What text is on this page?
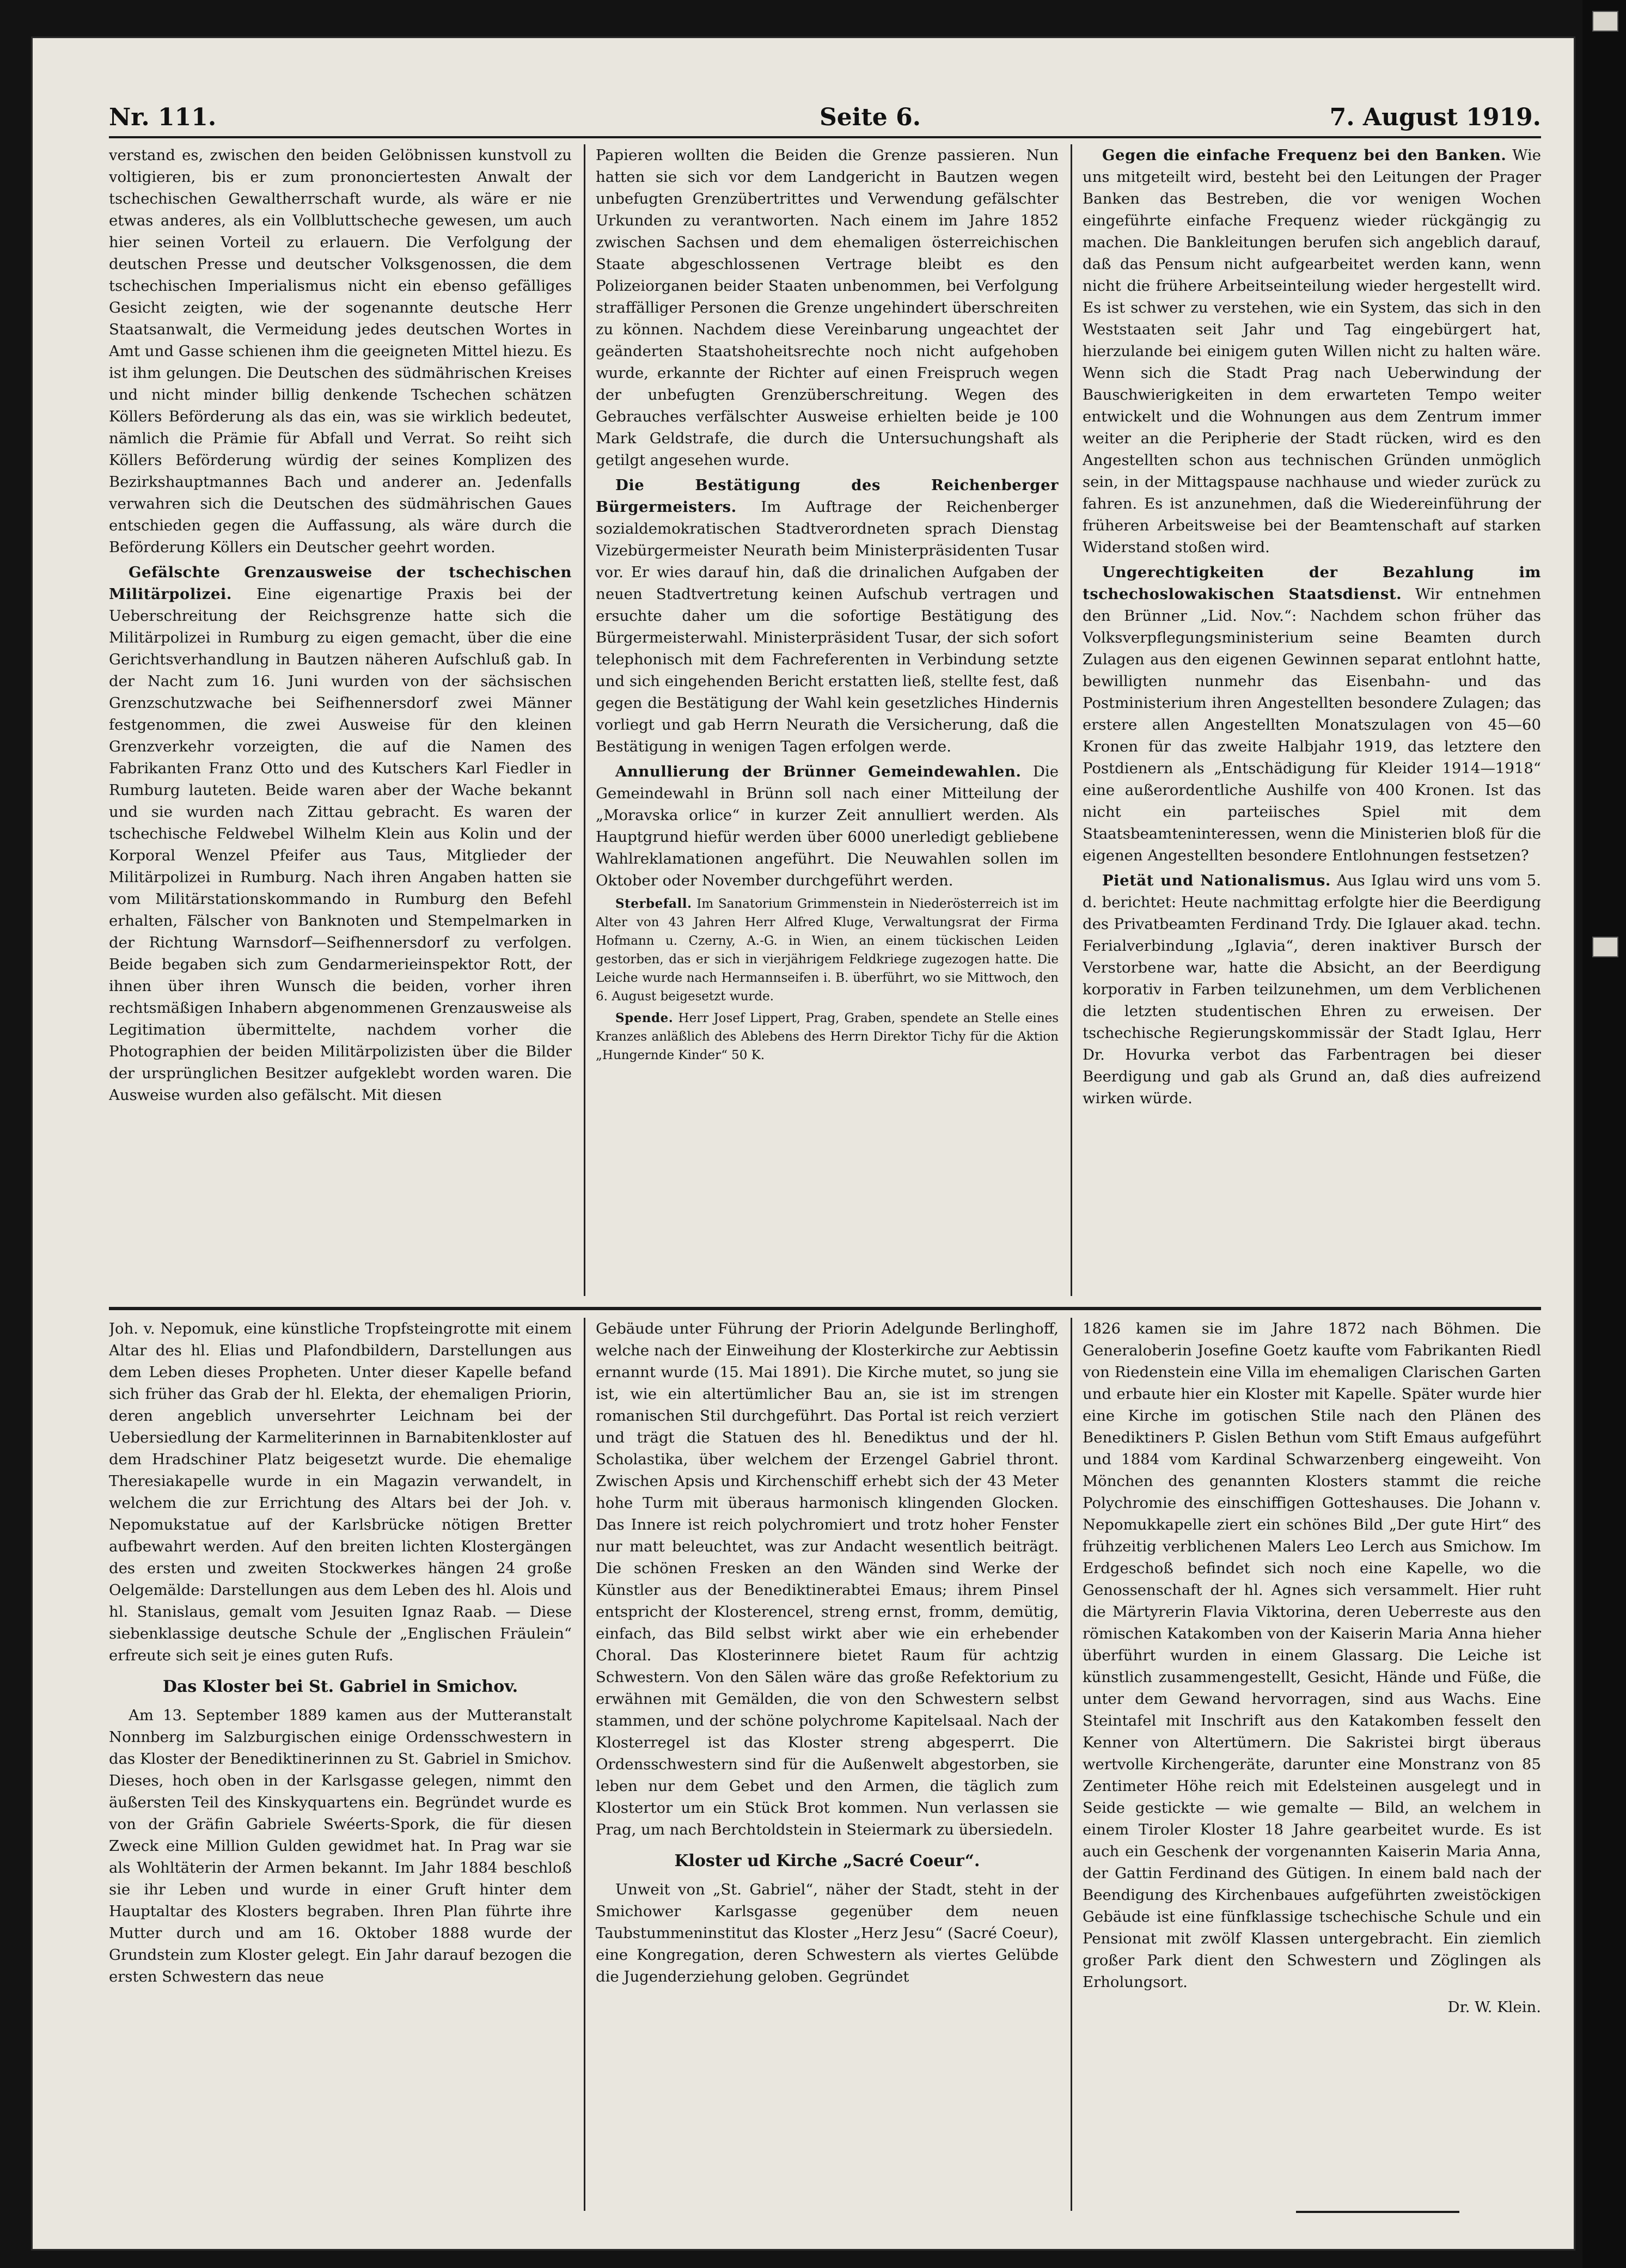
Nr. 111.	Seite 6.	7. August 1919.

verstand es, zwischen den beiden Gelöbnissen kunstvoll zu voltigieren, bis er zum prononciertesten Anwalt der tschechischen Gewaltherrschaft wurde, als wäre er nie etwas anderes, als ein Vollbluttscheche gewesen, um auch hier seinen Vorteil zu erlauern. Die Verfolgung der deutschen Presse und deutscher Volksgenossen, die dem tschechischen Imperialismus nicht ein ebenso gefälliges Gesicht zeigten, wie der sogenannte deutsche Herr Staatsanwalt, die Vermeidung jedes deutschen Wortes in Amt und Gasse schienen ihm die geeigneten Mittel hiezu. Es ist ihm gelungen. Die Deutschen des südmährischen Kreises und nicht minder billig denkende Tschechen schätzen Köllers Beförderung als das ein, was sie wirklich bedeutet, nämlich die Prämie für Abfall und Verrat. So reiht sich Köllers Beförderung würdig der seines Komplizen des Bezirkshauptmannes Bach und anderer an. Jedenfalls verwahren sich die Deutschen des südmährischen Gaues entschieden gegen die Auffassung, als wäre durch die Beförderung Köllers ein Deutscher geehrt worden.

Gefälschte Grenzausweise der tschechischen Militärpolizei. Eine eigenartige Praxis bei der Ueberschreitung der Reichsgrenze hatte sich die Militärpolizei in Rumburg zu eigen gemacht, über die eine Gerichtsverhandlung in Bautzen näheren Aufschluß gab. In der Nacht zum 16. Juni wurden von der sächsischen Grenzschutzwache bei Seifhennersdorf zwei Männer festgenommen, die zwei Ausweise für den kleinen Grenzverkehr vorzeigten, die auf die Namen des Fabrikanten Franz Otto und des Kutschers Karl Fiedler in Rumburg lauteten. Beide waren aber der Wache bekannt und sie wurden nach Zittau gebracht. Es waren der tschechische Feldwebel Wilhelm Klein aus Kolin und der Korporal Wenzel Pfeifer aus Taus, Mitglieder der Militärpolizei in Rumburg. Nach ihren Angaben hatten sie vom Militärstationskommando in Rumburg den Befehl erhalten, Fälscher von Banknoten und Stempelmarken in der Richtung Warnsdorf—Seifhennersdorf zu verfolgen. Beide begaben sich zum Gendarmerieinspektor Rott, der ihnen über ihren Wunsch die beiden, vorher ihren rechtsmäßigen Inhabern abgenommenen Grenzausweise als Legitimation übermittelte, nachdem vorher die Photographien der beiden Militärpolizisten über die Bilder der ursprünglichen Besitzer aufgeklebt worden waren. Die Ausweise wurden also gefälscht. Mit diesen

Papieren wollten die Beiden die Grenze passieren. Nun hatten sie sich vor dem Landgericht in Bautzen wegen unbefugten Grenzübertrittes und Verwendung gefälschter Urkunden zu verantworten. Nach einem im Jahre 1852 zwischen Sachsen und dem ehemaligen österreichischen Staate abgeschlossenen Vertrage bleibt es den Polizeiorganen beider Staaten unbenommen, bei Verfolgung straffälliger Personen die Grenze ungehindert überschreiten zu können. Nachdem diese Vereinbarung ungeachtet der geänderten Staatshoheitsrechte noch nicht aufgehoben wurde, erkannte der Richter auf einen Freispruch wegen der unbefugten Grenzüberschreitung. Wegen des Gebrauches verfälschter Ausweise erhielten beide je 100 Mark Geldstrafe, die durch die Untersuchungshaft als getilgt angesehen wurde.

Die Bestätigung des Reichenberger Bürgermeisters. Im Auftrage der Reichenberger sozialdemokratischen Stadtverordneten sprach Dienstag Vizebürgermeister Neurath beim Ministerpräsidenten Tusar vor. Er wies darauf hin, daß die drinalichen Aufgaben der neuen Stadtvertretung keinen Aufschub vertragen und ersuchte daher um die sofortige Bestätigung des Bürgermeisterwahl. Ministerpräsident Tusar, der sich sofort telephonisch mit dem Fachreferenten in Verbindung setzte und sich eingehenden Bericht erstatten ließ, stellte fest, daß gegen die Bestätigung der Wahl kein gesetzliches Hindernis vorliegt und gab Herrn Neurath die Versicherung, daß die Bestätigung in wenigen Tagen erfolgen werde.

Annullierung der Brünner Gemeindewahlen. Die Gemeindewahl in Brünn soll nach einer Mitteilung der „Moravska orlice“ in kurzer Zeit annulliert werden. Als Hauptgrund hiefür werden über 6000 unerledigt gebliebene Wahlreklamationen angeführt. Die Neuwahlen sollen im Oktober oder November durchgeführt werden.

Sterbefall. Im Sanatorium Grimmenstein in Niederösterreich ist im Alter von 43 Jahren Herr Alfred Kluge, Verwaltungsrat der Firma Hofmann u. Czerny, A.-G. in Wien, an einem tückischen Leiden gestorben, das er sich in vierjährigem Feldkriege zugezogen hatte. Die Leiche wurde nach Hermannseifen i. B. überführt, wo sie Mittwoch, den 6. August beigesetzt wurde.

Spende. Herr Josef Lippert, Prag, Graben, spendete an Stelle eines Kranzes anläßlich des Ablebens des Herrn Direktor Tichy für die Aktion „Hungernde Kinder“ 50 K.

Gegen die einfache Frequenz bei den Banken. Wie uns mitgeteilt wird, besteht bei den Leitungen der Prager Banken das Bestreben, die vor wenigen Wochen eingeführte einfache Frequenz wieder rückgängig zu machen. Die Bankleitungen berufen sich angeblich darauf, daß das Pensum nicht aufgearbeitet werden kann, wenn nicht die frühere Arbeitseinteilung wieder hergestellt wird. Es ist schwer zu verstehen, wie ein System, das sich in den Weststaaten seit Jahr und Tag eingebürgert hat, hierzulande bei einigem guten Willen nicht zu halten wäre. Wenn sich die Stadt Prag nach Ueberwindung der Bauschwierigkeiten in dem erwarteten Tempo weiter entwickelt und die Wohnungen aus dem Zentrum immer weiter an die Peripherie der Stadt rücken, wird es den Angestellten schon aus technischen Gründen unmöglich sein, in der Mittagspause nachhause und wieder zurück zu fahren. Es ist anzunehmen, daß die Wiedereinführung der früheren Arbeitsweise bei der Beamtenschaft auf starken Widerstand stoßen wird.

Ungerechtigkeiten der Bezahlung im tschechoslowakischen Staatsdienst. Wir entnehmen den Brünner „Lid. Nov.“: Nachdem schon früher das Volksverpflegungsministerium seine Beamten durch Zulagen aus den eigenen Gewinnen separat entlohnt hatte, bewilligten nunmehr das Eisenbahn- und das Postministerium ihren Angestellten besondere Zulagen; das erstere allen Angestellten Monatszulagen von 45—60 Kronen für das zweite Halbjahr 1919, das letztere den Postdienern als „Entschädigung für Kleider 1914—1918“ eine außerordentliche Aushilfe von 400 Kronen. Ist das nicht ein parteiisches Spiel mit dem Staatsbeamteninteressen, wenn die Ministerien bloß für die eigenen Angestellten besondere Entlohnungen festsetzen?

Pietät und Nationalismus. Aus Iglau wird uns vom 5. d. berichtet: Heute nachmittag erfolgte hier die Beerdigung des Privatbeamten Ferdinand Trdy. Die Iglauer akad. techn. Ferialverbindung „Iglavia“, deren inaktiver Bursch der Verstorbene war, hatte die Absicht, an der Beerdigung korporativ in Farben teilzunehmen, um dem Verblichenen die letzten studentischen Ehren zu erweisen. Der tschechische Regierungskommissär der Stadt Iglau, Herr Dr. Hovurka verbot das Farbentragen bei dieser Beerdigung und gab als Grund an, daß dies aufreizend wirken würde.

Joh. v. Nepomuk, eine künstliche Tropfsteingrotte mit einem Altar des hl. Elias und Plafondbildern, Darstellungen aus dem Leben dieses Propheten. Unter dieser Kapelle befand sich früher das Grab der hl. Elekta, der ehemaligen Priorin, deren angeblich unversehrter Leichnam bei der Uebersiedlung der Karmeliterinnen in Barnabitenkloster auf dem Hradschiner Platz beigesetzt wurde. Die ehemalige Theresiakapelle wurde in ein Magazin verwandelt, in welchem die zur Errichtung des Altars bei der Joh. v. Nepomukstatue auf der Karlsbrücke nötigen Bretter aufbewahrt werden. Auf den breiten lichten Klostergängen des ersten und zweiten Stockwerkes hängen 24 große Oelgemälde: Darstellungen aus dem Leben des hl. Alois und hl. Stanislaus, gemalt vom Jesuiten Ignaz Raab. — Diese siebenklassige deutsche Schule der „Englischen Fräulein“ erfreute sich seit je eines guten Rufs.

Das Kloster bei St. Gabriel in Smichov.

Am 13. September 1889 kamen aus der Mutteranstalt Nonnberg im Salzburgischen einige Ordensschwestern in das Kloster der Benediktinerinnen zu St. Gabriel in Smichov. Dieses, hoch oben in der Karlsgasse gelegen, nimmt den äußersten Teil des Kinskyquartens ein. Begründet wurde es von der Gräfin Gabriele Swéerts-Spork, die für diesen Zweck eine Million Gulden gewidmet hat. In Prag war sie als Wohltäterin der Armen bekannt. Im Jahr 1884 beschloß sie ihr Leben und wurde in einer Gruft hinter dem Hauptaltar des Klosters begraben. Ihren Plan führte ihre Mutter durch und am 16. Oktober 1888 wurde der Grundstein zum Kloster gelegt. Ein Jahr darauf bezogen die ersten Schwestern das neue

Gebäude unter Führung der Priorin Adelgunde Berlinghoff, welche nach der Einweihung der Klosterkirche zur Aebtissin ernannt wurde (15. Mai 1891). Die Kirche mutet, so jung sie ist, wie ein altertümlicher Bau an, sie ist im strengen romanischen Stil durchgeführt. Das Portal ist reich verziert und trägt die Statuen des hl. Benediktus und der hl. Scholastika, über welchem der Erzengel Gabriel thront. Zwischen Apsis und Kirchenschiff erhebt sich der 43 Meter hohe Turm mit überaus harmonisch klingenden Glocken. Das Innere ist reich polychromiert und trotz hoher Fenster nur matt beleuchtet, was zur Andacht wesentlich beiträgt. Die schönen Fresken an den Wänden sind Werke der Künstler aus der Benediktinerabtei Emaus; ihrem Pinsel entspricht der Klosterencel, streng ernst, fromm, demütig, einfach, das Bild selbst wirkt aber wie ein erhebender Choral. Das Klosterinnere bietet Raum für achtzig Schwestern. Von den Sälen wäre das große Refektorium zu erwähnen mit Gemälden, die von den Schwestern selbst stammen, und der schöne polychrome Kapitelsaal. Nach der Klosterregel ist das Kloster streng abgesperrt. Die Ordensschwestern sind für die Außenwelt abgestorben, sie leben nur dem Gebet und den Armen, die täglich zum Klostertor um ein Stück Brot kommen. Nun verlassen sie Prag, um nach Berchtoldstein in Steiermark zu übersiedeln.

Kloster ud Kirche „Sacré Coeur“.

Unweit von „St. Gabriel“, näher der Stadt, steht in der Smichower Karlsgasse gegenüber dem neuen Taubstummeninstitut das Kloster „Herz Jesu“ (Sacré Coeur), eine Kongregation, deren Schwestern als viertes Gelübde die Jugenderziehung geloben. Gegründet

1826 kamen sie im Jahre 1872 nach Böhmen. Die Generaloberin Josefine Goetz kaufte vom Fabrikanten Riedl von Riedenstein eine Villa im ehemaligen Clarischen Garten und erbaute hier ein Kloster mit Kapelle. Später wurde hier eine Kirche im gotischen Stile nach den Plänen des Benediktiners P. Gislen Bethun vom Stift Emaus aufgeführt und 1884 vom Kardinal Schwarzenberg eingeweiht. Von Mönchen des genannten Klosters stammt die reiche Polychromie des einschiffigen Gotteshauses. Die Johann v. Nepomukkapelle ziert ein schönes Bild „Der gute Hirt“ des frühzeitig verblichenen Malers Leo Lerch aus Smichow. Im Erdgeschoß befindet sich noch eine Kapelle, wo die Genossenschaft der hl. Agnes sich versammelt. Hier ruht die Märtyrerin Flavia Viktorina, deren Ueberreste aus den römischen Katakomben von der Kaiserin Maria Anna hieher überführt wurden in einem Glassarg. Die Leiche ist künstlich zusammengestellt, Gesicht, Hände und Füße, die unter dem Gewand hervorragen, sind aus Wachs. Eine Steintafel mit Inschrift aus den Katakomben fesselt den Kenner von Altertümern. Die Sakristei birgt überaus wertvolle Kirchengeräte, darunter eine Monstranz von 85 Zentimeter Höhe reich mit Edelsteinen ausgelegt und in Seide gestickte — wie gemalte — Bild, an welchem in einem Tiroler Kloster 18 Jahre gearbeitet wurde. Es ist auch ein Geschenk der vorgenannten Kaiserin Maria Anna, der Gattin Ferdinand des Gütigen. In einem bald nach der Beendigung des Kirchenbaues aufgeführten zweistöckigen Gebäude ist eine fünfklassige tschechische Schule und ein Pensionat mit zwölf Klassen untergebracht. Ein ziemlich großer Park dient den Schwestern und Zöglingen als Erholungsort.

Dr. W. Klein.
